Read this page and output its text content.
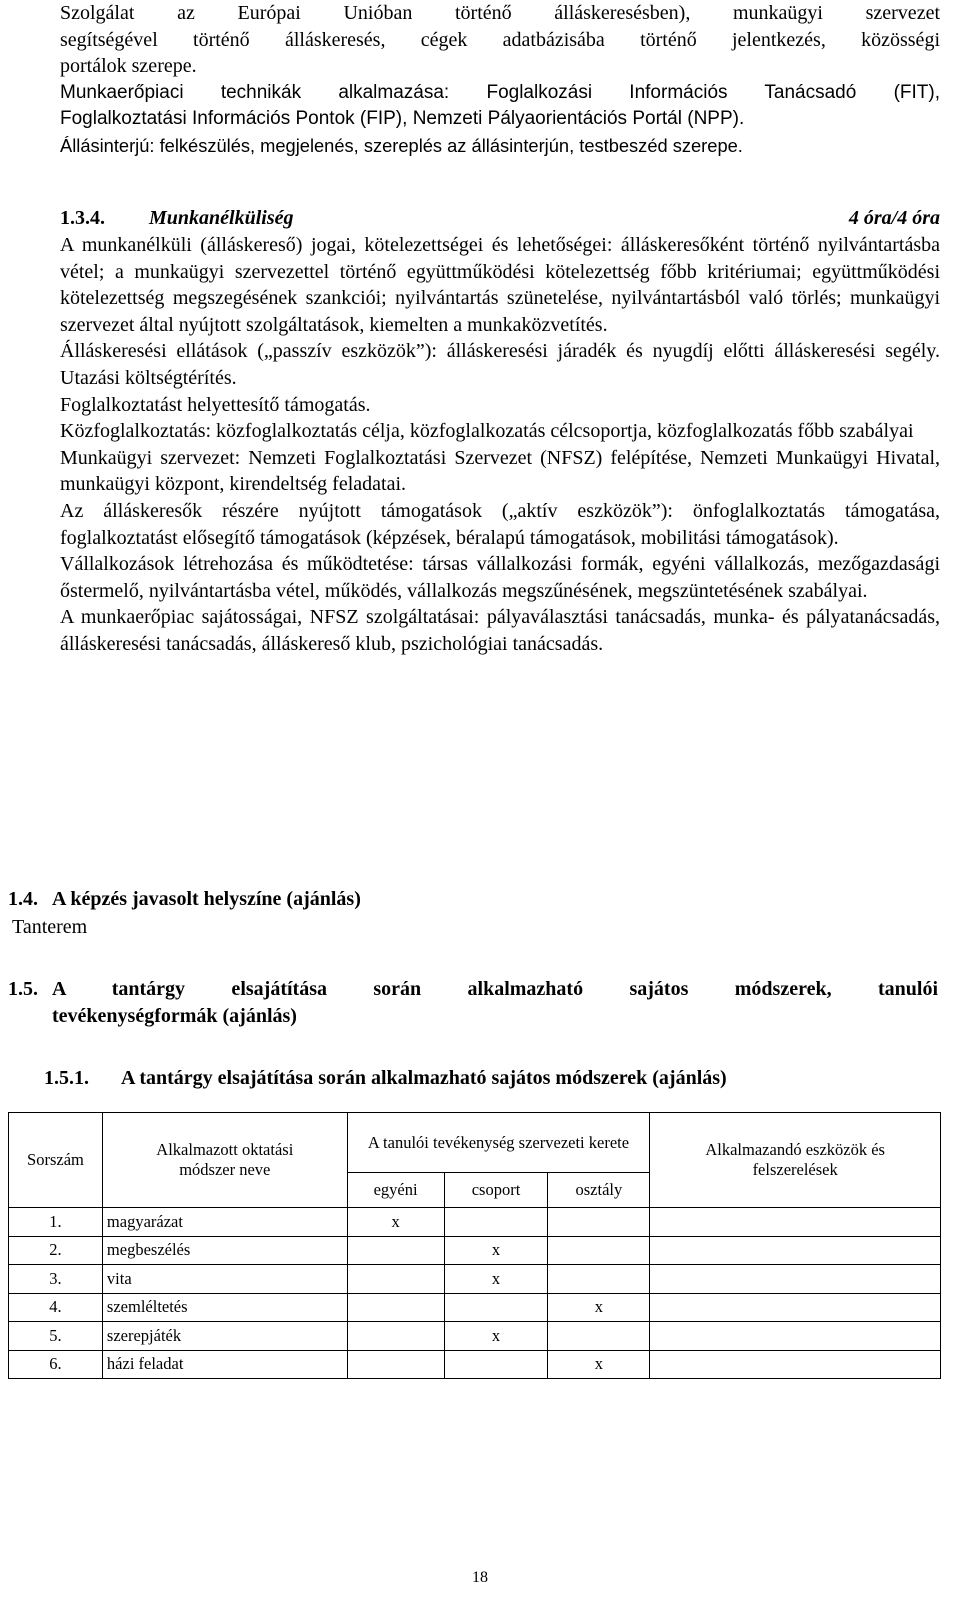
Szolgálat az Európai Unióban történő álláskeresésben), munkaügyi szervezet

segítségével történő álláskeresés, cégek adatbázisába történő jelentkezés, közösségi

portálok szerepe.

Munkaerőpiaci technikák alkalmazása: Foglalkozási Információs Tanácsadó (FIT),

Foglalkoztatási Információs Pontok (FIP), Nemzeti Pályaorientációs Portál (NPP).

Állásinterjú: felkészülés, megjelenés, szereplés az állásinterjún, testbeszéd szerepe.

1.3.4. Munkanélküliség	4 óra/4 óra

A munkanélküli (álláskereső) jogai, kötelezettségei és lehetőségei: álláskeresőként történő nyilvántartásba vétel; a munkaügyi szervezettel történő együttműködési kötelezettség főbb kritériumai; együttműködési kötelezettség megszegésének szankciói; nyilvántartás szünetelése, nyilvántartásból való törlés; munkaügyi szervezet által nyújtott szolgáltatások, kiemelten a munkaközvetítés.

Álláskeresési ellátások („passzív eszközök”): álláskeresési járadék és nyugdíj előtti álláskeresési segély. Utazási költségtérítés.

Foglalkoztatást helyettesítő támogatás.

Közfoglalkoztatás: közfoglalkoztatás célja, közfoglalkozatás célcsoportja, közfoglalkozatás főbb szabályai

Munkaügyi szervezet: Nemzeti Foglalkoztatási Szervezet (NFSZ) felépítése, Nemzeti Munkaügyi Hivatal, munkaügyi központ, kirendeltség feladatai.

Az álláskeresők részére nyújtott támogatások („aktív eszközök”): önfoglalkoztatás támogatása, foglalkoztatást elősegítő támogatások (képzések, béralapú támogatások, mobilitási támogatások).

Vállalkozások létrehozása és működtetése: társas vállalkozási formák, egyéni vállalkozás, mezőgazdasági őstermelő, nyilvántartásba vétel, működés, vállalkozás megszűnésének, megszüntetésének szabályai.

A munkaerőpiac sajátosságai, NFSZ szolgáltatásai: pályaválasztási tanácsadás, munka- és pályatanácsadás, álláskeresési tanácsadás, álláskereső klub, pszichológiai tanácsadás.

1.4. A képzés javasolt helyszíne (ajánlás)
Tanterem
1.5. A tantárgy elsajátítása során alkalmazható sajátos módszerek, tanulói

tevékenységformák (ajánlás)

1.5.1. A tantárgy elsajátítása során alkalmazható sajátos módszerek (ajánlás)
Sorszám	Alkalmazott oktatási módszer neve	A tanulói tevékenység szervezeti kerete			Alkalmazandó eszközök és felszerelések

		egyéni	csoport	osztály	
1.	magyarázat	x			
2.	megbeszélés		x		
3.	vita		x		
4.	szemléltetés			x	
5.	szerepjáték		x		
6.	házi feladat			x	
18
